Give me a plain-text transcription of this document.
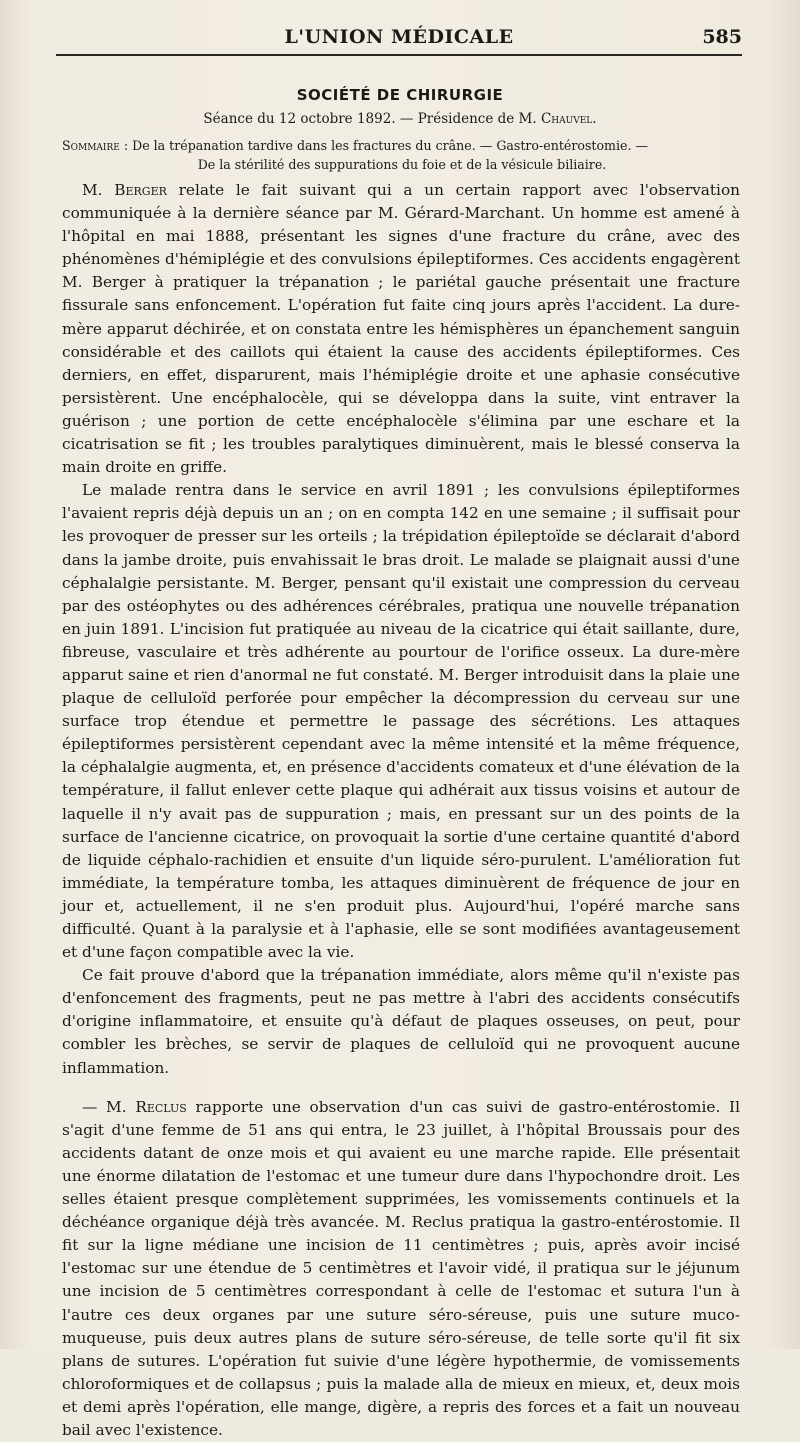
L'UNION MÉDICALE	585
SOCIÉTÉ DE CHIRURGIE
Séance du 12 octobre 1892. — Présidence de M. Chauvel.

Sommaire : De la trépanation tardive dans les fractures du crâne. — Gastro-entérostomie. —

De la stérilité des suppurations du foie et de la vésicule biliaire.

M. Berger relate le fait suivant qui a un certain rapport avec l'observation communiquée à la dernière séance par M. Gérard-Marchant. Un homme est amené à l'hôpital en mai 1888, présentant les signes d'une fracture du crâne, avec des phénomènes d'hémiplégie et des convulsions épileptiformes. Ces accidents engagèrent M. Berger à pratiquer la trépanation ; le pariétal gauche présentait une fracture fissurale sans enfoncement. L'opération fut faite cinq jours après l'accident. La dure-mère apparut déchirée, et on constata entre les hémisphères un épanchement sanguin considérable et des caillots qui étaient la cause des accidents épileptiformes. Ces derniers, en effet, disparurent, mais l'hémiplégie droite et une aphasie consécutive persistèrent. Une encéphalocèle, qui se développa dans la suite, vint entraver la guérison ; une portion de cette encéphalocèle s'élimina par une eschare et la cicatrisation se fit ; les troubles paralytiques diminuèrent, mais le blessé conserva la main droite en griffe.

Le malade rentra dans le service en avril 1891 ; les convulsions épileptiformes l'avaient repris déjà depuis un an ; on en compta 142 en une semaine ; il suffisait pour les provoquer de presser sur les orteils ; la trépidation épileptoïde se déclarait d'abord dans la jambe droite, puis envahissait le bras droit. Le malade se plaignait aussi d'une céphalalgie persistante. M. Berger, pensant qu'il existait une compression du cerveau par des ostéophytes ou des adhérences cérébrales, pratiqua une nouvelle trépanation en juin 1891. L'incision fut pratiquée au niveau de la cicatrice qui était saillante, dure, fibreuse, vasculaire et très adhérente au pourtour de l'orifice osseux. La dure-mère apparut saine et rien d'anormal ne fut constaté. M. Berger introduisit dans la plaie une plaque de celluloïd perforée pour empêcher la décompression du cerveau sur une surface trop étendue et permettre le passage des sécrétions. Les attaques épileptiformes persistèrent cependant avec la même intensité et la même fréquence, la céphalalgie augmenta, et, en présence d'accidents comateux et d'une élévation de la température, il fallut enlever cette plaque qui adhérait aux tissus voisins et autour de laquelle il n'y avait pas de suppuration ; mais, en pressant sur un des points de la surface de l'ancienne cicatrice, on provoquait la sortie d'une certaine quantité d'abord de liquide céphalo-rachidien et ensuite d'un liquide séro-purulent. L'amélioration fut immédiate, la température tomba, les attaques diminuèrent de fréquence de jour en jour et, actuellement, il ne s'en produit plus. Aujourd'hui, l'opéré marche sans difficulté. Quant à la paralysie et à l'aphasie, elle se sont modifiées avantageusement et d'une façon compatible avec la vie.

Ce fait prouve d'abord que la trépanation immédiate, alors même qu'il n'existe pas d'enfoncement des fragments, peut ne pas mettre à l'abri des accidents consécutifs d'origine inflammatoire, et ensuite qu'à défaut de plaques osseuses, on peut, pour combler les brèches, se servir de plaques de celluloïd qui ne provoquent aucune inflammation.

— M. Reclus rapporte une observation d'un cas suivi de gastro-entérostomie. Il s'agit d'une femme de 51 ans qui entra, le 23 juillet, à l'hôpital Broussais pour des accidents datant de onze mois et qui avaient eu une marche rapide. Elle présentait une énorme dilatation de l'estomac et une tumeur dure dans l'hypochondre droit. Les selles étaient presque complètement supprimées, les vomissements continuels et la déchéance organique déjà très avancée. M. Reclus pratiqua la gastro-entérostomie. Il fit sur la ligne médiane une incision de 11 centimètres ; puis, après avoir incisé l'estomac sur une étendue de 5 centimètres et l'avoir vidé, il pratiqua sur le jéjunum une incision de 5 centimètres correspondant à celle de l'estomac et sutura l'un à l'autre ces deux organes par une suture séro-séreuse, puis une suture muco-muqueuse, puis deux autres plans de suture séro-séreuse, de telle sorte qu'il fit six plans de sutures. L'opération fut suivie d'une légère hypothermie, de vomissements chloroformiques et de collapsus ; puis la malade alla de mieux en mieux, et, deux mois et demi après l'opération, elle mange, digère, a repris des forces et a fait un nouveau bail avec l'existence.
